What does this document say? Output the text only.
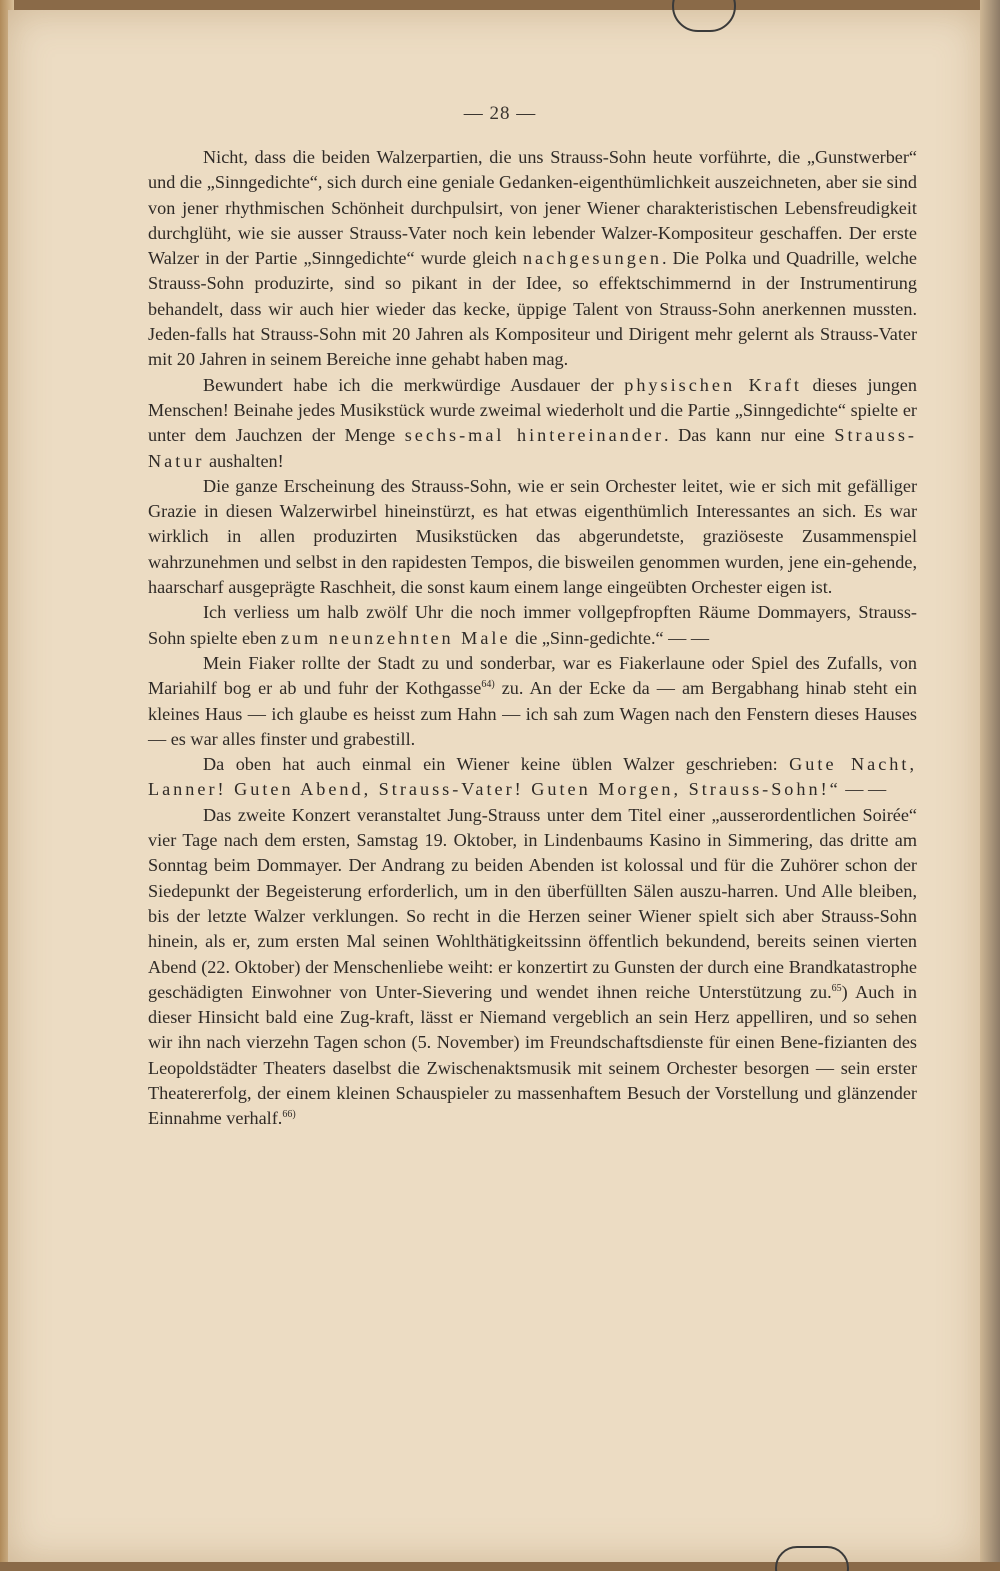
— 28 —

Nicht, dass die beiden Walzerpartien, die uns Strauss-Sohn heute vorführte, die „Gunstwerber“ und die „Sinngedichte“, sich durch eine geniale Gedanken-eigenthümlichkeit auszeichneten, aber sie sind von jener rhythmischen Schönheit durchpulsirt, von jener Wiener charakteristischen Lebensfreudigkeit durchglüht, wie sie ausser Strauss-Vater noch kein lebender Walzer-Kompositeur geschaffen. Der erste Walzer in der Partie „Sinngedichte“ wurde gleich nachgesungen. Die Polka und Quadrille, welche Strauss-Sohn produzirte, sind so pikant in der Idee, so effektschimmernd in der Instrumentirung behandelt, dass wir auch hier wieder das kecke, üppige Talent von Strauss-Sohn anerkennen mussten. Jeden-falls hat Strauss-Sohn mit 20 Jahren als Kompositeur und Dirigent mehr gelernt als Strauss-Vater mit 20 Jahren in seinem Bereiche inne gehabt haben mag.

Bewundert habe ich die merkwürdige Ausdauer der physischen Kraft dieses jungen Menschen! Beinahe jedes Musikstück wurde zweimal wiederholt und die Partie „Sinngedichte“ spielte er unter dem Jauchzen der Menge sechs-mal hintereinander. Das kann nur eine Strauss-Natur aushalten!

Die ganze Erscheinung des Strauss-Sohn, wie er sein Orchester leitet, wie er sich mit gefälliger Grazie in diesen Walzerwirbel hineinstürzt, es hat etwas eigenthümlich Interessantes an sich. Es war wirklich in allen produzirten Musikstücken das abgerundetste, graziöseste Zusammenspiel wahrzunehmen und selbst in den rapidesten Tempos, die bisweilen genommen wurden, jene ein-gehende, haarscharf ausgeprägte Raschheit, die sonst kaum einem lange eingeübten Orchester eigen ist.

Ich verliess um halb zwölf Uhr die noch immer vollgepfropften Räume Dommayers, Strauss-Sohn spielte eben zum neunzehnten Male die „Sinn-gedichte.“ — —

Mein Fiaker rollte der Stadt zu und sonderbar, war es Fiakerlaune oder Spiel des Zufalls, von Mariahilf bog er ab und fuhr der Kothgasse$^{64)}$ zu. An der Ecke da — am Bergabhang hinab steht ein kleines Haus — ich glaube es heisst zum Hahn — ich sah zum Wagen nach den Fenstern dieses Hauses — es war alles finster und grabestill.

Da oben hat auch einmal ein Wiener keine üblen Walzer geschrieben: Gute Nacht, Lanner! Guten Abend, Strauss-Vater! Guten Morgen, Strauss-Sohn!“ — —

Das zweite Konzert veranstaltet Jung-Strauss unter dem Titel einer „ausserordentlichen Soirée“ vier Tage nach dem ersten, Samstag 19. Oktober, in Lindenbaums Kasino in Simmering, das dritte am Sonntag beim Dommayer. Der Andrang zu beiden Abenden ist kolossal und für die Zuhörer schon der Siedepunkt der Begeisterung erforderlich, um in den überfüllten Sälen auszu-harren. Und Alle bleiben, bis der letzte Walzer verklungen. So recht in die Herzen seiner Wiener spielt sich aber Strauss-Sohn hinein, als er, zum ersten Mal seinen Wohlthätigkeitssinn öffentlich bekundend, bereits seinen vierten Abend (22. Oktober) der Menschenliebe weiht: er konzertirt zu Gunsten der durch eine Brandkatastrophe geschädigten Einwohner von Unter-Sievering und wendet ihnen reiche Unterstützung zu.$^{65}$) Auch in dieser Hinsicht bald eine Zug-kraft, lässt er Niemand vergeblich an sein Herz appelliren, und so sehen wir ihn nach vierzehn Tagen schon (5. November) im Freundschaftsdienste für einen Bene-fizianten des Leopoldstädter Theaters daselbst die Zwischenaktsmusik mit seinem Orchester besorgen — sein erster Theatererfolg, der einem kleinen Schauspieler zu massenhaftem Besuch der Vorstellung und glänzender Einnahme verhalf.$^{66)}$
